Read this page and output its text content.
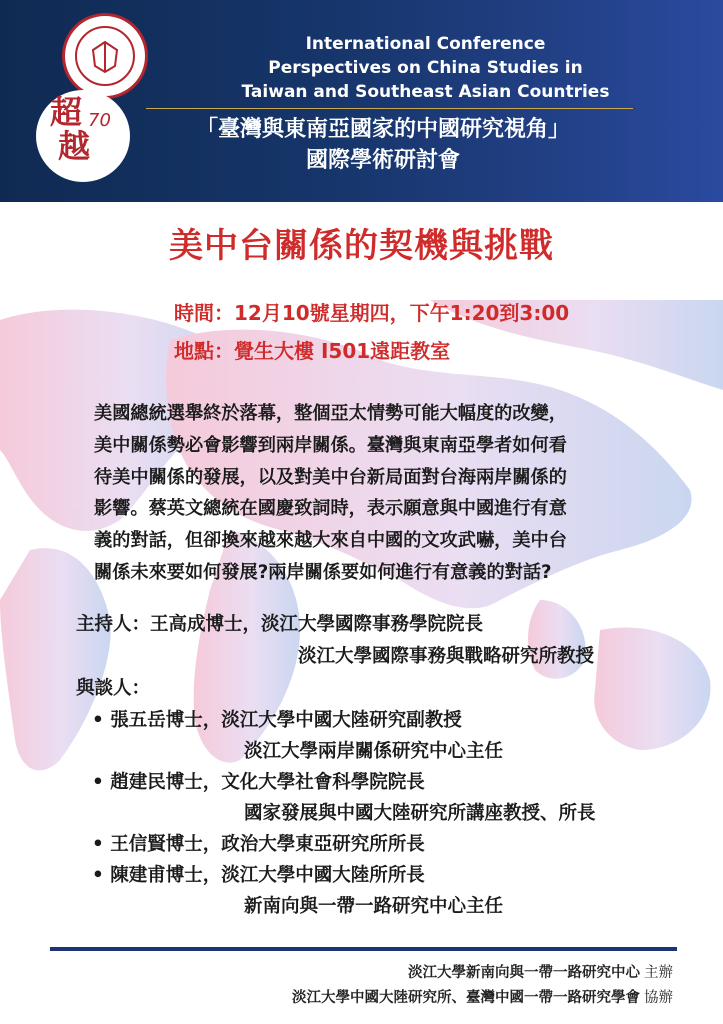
超
越
70
International Conference
Perspectives on China Studies in
Taiwan and Southeast Asian Countries
「臺灣與東南亞國家的中國研究視角」
國際學術研討會
美中台關係的契機與挑戰
時間：12月10號星期四，下午1:20到3:00
地點：覺生大樓 I501遠距教室

美國總統選舉終於落幕，整個亞太情勢可能大幅度的改變，

美中關係勢必會影響到兩岸關係。臺灣與東南亞學者如何看

待美中關係的發展，以及對美中台新局面對台海兩岸關係的

影響。蔡英文總統在國慶致詞時，表示願意與中國進行有意

義的對話，但卻換來越來越大來自中國的文攻武嚇，美中台

關係未來要如何發展?兩岸關係要如何進行有意義的對話?

主持人：王高成博士，淡江大學國際事務學院院長
淡江大學國際事務與戰略研究所教授
與談人：
• 張五岳博士，淡江大學中國大陸研究副教授
淡江大學兩岸關係研究中心主任
• 趙建民博士，文化大學社會科學院院長
國家發展與中國大陸研究所講座教授、所長
• 王信賢博士，政治大學東亞研究所所長
• 陳建甫博士，淡江大學中國大陸所所長
新南向與一帶一路研究中心主任
淡江大學新南向與一帶一路研究中心 主辦
淡江大學中國大陸研究所、臺灣中國一帶一路研究學會 協辦
